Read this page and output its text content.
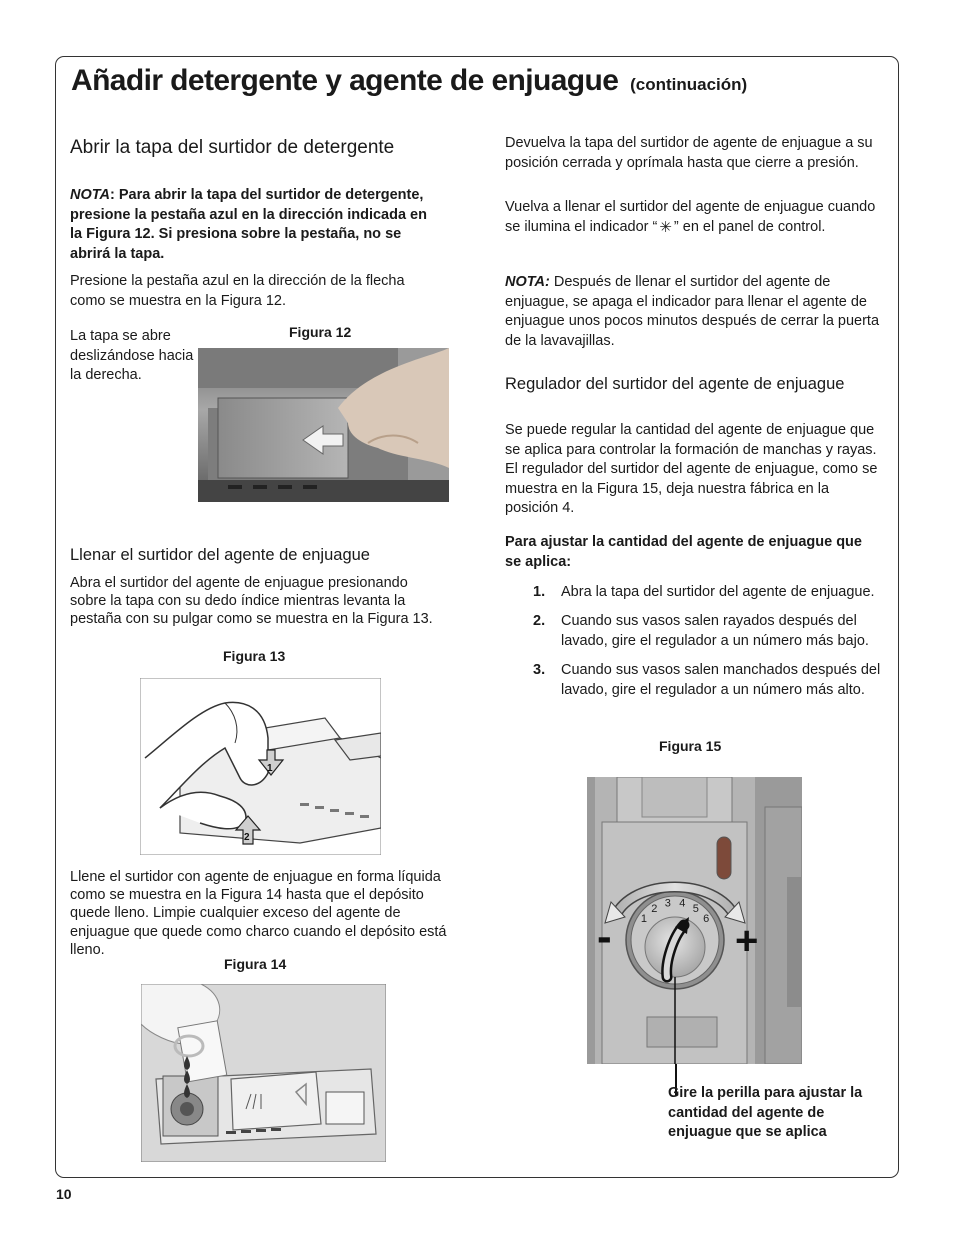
Añadir detergente y agente de enjuague (continuación)
Abrir la tapa del surtidor de detergente
NOTA: Para abrir la tapa del surtidor de detergente, presione la pestaña azul en la dirección indicada en la Figura 12. Si presiona sobre la pestaña, no se abrirá la tapa.
Presione la pestaña azul en la dirección de la flecha como se muestra en la Figura 12.
La tapa se abre deslizándose hacia la derecha.
Figura 12
Llenar el surtidor del agente de enjuague
Abra el surtidor del agente de enjuague presionando sobre la tapa con su dedo índice mientras levanta la pestaña con su pulgar como se muestra en la Figura 13.
Figura 13
1
2
Llene el surtidor con agente de enjuague en forma líquida como se muestra en la Figura 14 hasta que el depósito quede lleno. Limpie cualquier exceso del agente de enjuague que quede como charco cuando el depósito está lleno.
Figura 14
Devuelva la tapa del surtidor de agente de enjuague a su posición cerrada y oprímala hasta que cierre a presión.
Vuelva a llenar el surtidor del agente de enjuague cuando se ilumina el indicador “ ✳ ” en el panel de control.
NOTA: Después de llenar el surtidor del agente de enjuague, se apaga el indicador para llenar el agente de enjuague unos pocos minutos después de cerrar la puerta de la lavavajillas.
Regulador del surtidor del agente de enjuague
Se puede regular la cantidad del agente de enjuague que se aplica para controlar la formación de manchas y rayas. El regulador del surtidor del agente de enjuague, como se muestra en la Figura 15, deja nuestra fábrica en la posición 4.
Para ajustar la cantidad del agente de enjuague que se aplica:
1. Abra la tapa del surtidor del agente de enjuague.
2. Cuando sus vasos salen rayados después del lavado, gire el regulador a un número más bajo.
3. Cuando sus vasos salen manchados después del lavado, gire el regulador a un número más alto.
Figura 15
1
2 3 4 5
6
-	+
Gire la perilla para ajustar la cantidad del agente de enjuague que se aplica
10
